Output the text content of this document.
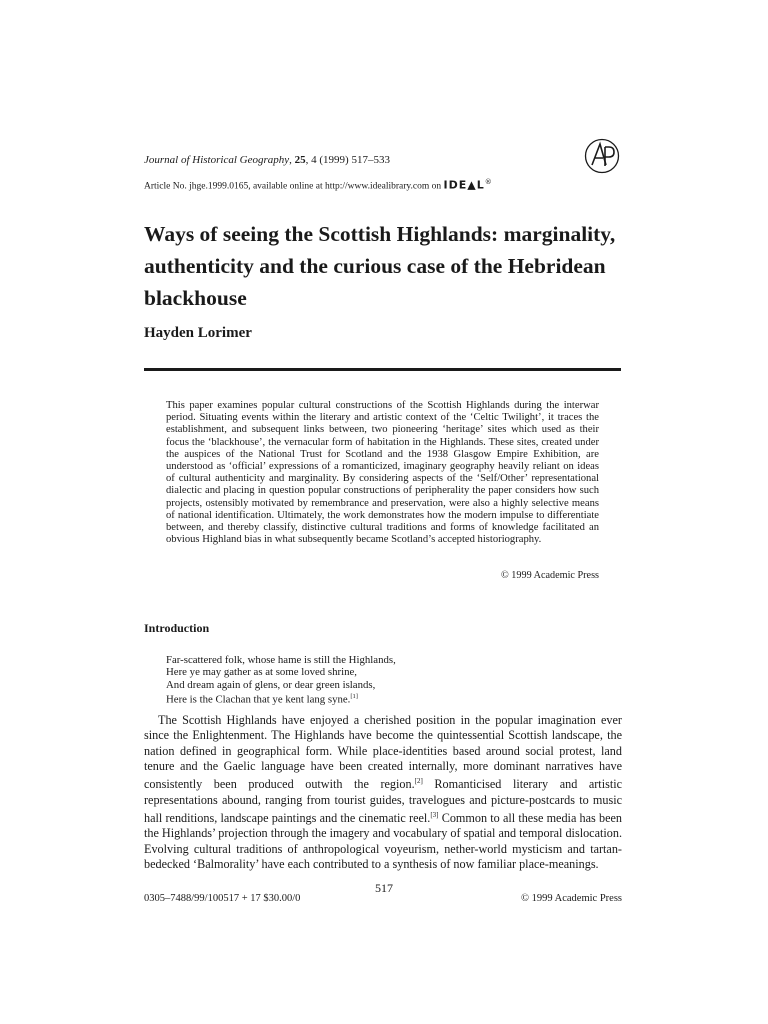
Journal of Historical Geography, 25, 4 (1999) 517–533
Article No. jhge.1999.0165, available online at http://www.idealibrary.com on IDE▲L®
Ways of seeing the Scottish Highlands: marginality, authenticity and the curious case of the Hebridean blackhouse
Hayden Lorimer

This paper examines popular cultural constructions of the Scottish Highlands during the interwar period. Situating events within the literary and artistic context of the ‘Celtic Twilight’, it traces the establishment, and subsequent links between, two pioneering ‘heritage’ sites which used as their focus the ‘blackhouse’, the vernacular form of habitation in the Highlands. These sites, created under the auspices of the National Trust for Scotland and the 1938 Glasgow Empire Exhibition, are understood as ‘official’ expressions of a romanticized, imaginary geography heavily reliant on ideas of cultural authenticity and marginality. By considering aspects of the ‘Self/Other’ representational dialectic and placing in question popular constructions of peripherality the paper considers how such projects, ostensibly motivated by remembrance and preservation, were also a highly selective means of national identification. Ultimately, the work demonstrates how the modern impulse to differentiate between, and thereby classify, distinctive cultural traditions and forms of knowledge facilitated an obvious Highland bias in what subsequently became Scotland’s accepted historiography.

© 1999 Academic Press
Introduction
Far-scattered folk, whose hame is still the Highlands,
Here ye may gather as at some loved shrine,
And dream again of glens, or dear green islands,
Here is the Clachan that ye kent lang syne.[1]

The Scottish Highlands have enjoyed a cherished position in the popular imagination ever since the Enlightenment. The Highlands have become the quintessential Scottish landscape, the nation defined in geographical form. While place-identities based around social protest, land tenure and the Gaelic language have been created internally, more dominant narratives have consistently been produced outwith the region.[2] Romanticised literary and artistic representations abound, ranging from tourist guides, travelogues and picture-postcards to music hall renditions, landscape paintings and the cinematic reel.[3] Common to all these media has been the Highlands’ projection through the imagery and vocabulary of spatial and temporal dislocation. Evolving cultural traditions of anthropological voyeurism, nether-world mysticism and tartan-bedecked ‘Balmorality’ have each contributed to a synthesis of now familiar place-meanings.

517
0305–7488/99/100517 + 17 $30.00/0	© 1999 Academic Press
